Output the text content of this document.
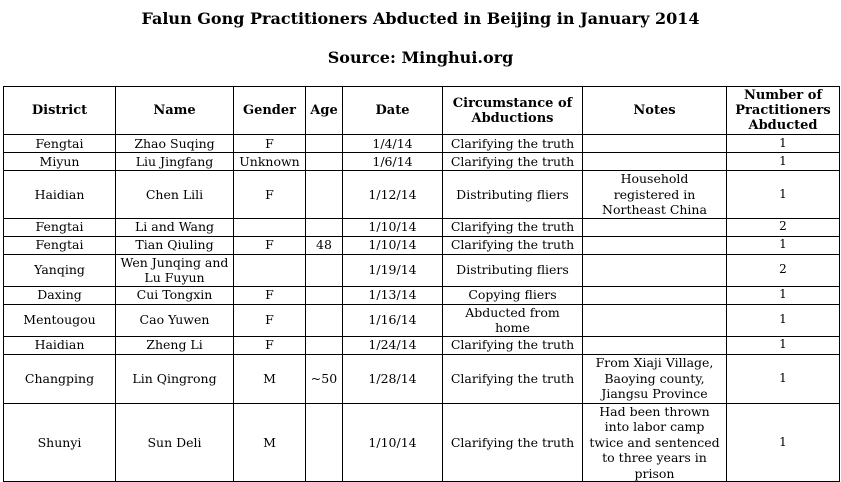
Falun Gong Practitioners Abducted in Beijing in January 2014
Source: Minghui.org
District	Name	Gender	Age	Date	Circumstance of Abductions	Notes	Number of Practitioners Abducted
Fengtai	Zhao Suqing	F		1/4/14	Clarifying the truth		1
Miyun	Liu Jingfang	Unknown		1/6/14	Clarifying the truth		1
Haidian	Chen Lili	F		1/12/14	Distributing fliers	Household registered in Northeast China	1
Fengtai	Li and Wang			1/10/14	Clarifying the truth		2
Fengtai	Tian Qiuling	F	48	1/10/14	Clarifying the truth		1
Yanqing	Wen Junqing and Lu Fuyun			1/19/14	Distributing fliers		2
Daxing	Cui Tongxin	F		1/13/14	Copying fliers		1
Mentougou	Cao Yuwen	F		1/16/14	Abducted from home		1
Haidian	Zheng Li	F		1/24/14	Clarifying the truth		1
Changping	Lin Qingrong	M	~50	1/28/14	Clarifying the truth	From Xiaji Village, Baoying county, Jiangsu Province	1
Shunyi	Sun Deli	M		1/10/14	Clarifying the truth	Had been thrown into labor camp twice and sentenced to three years in prison	1
